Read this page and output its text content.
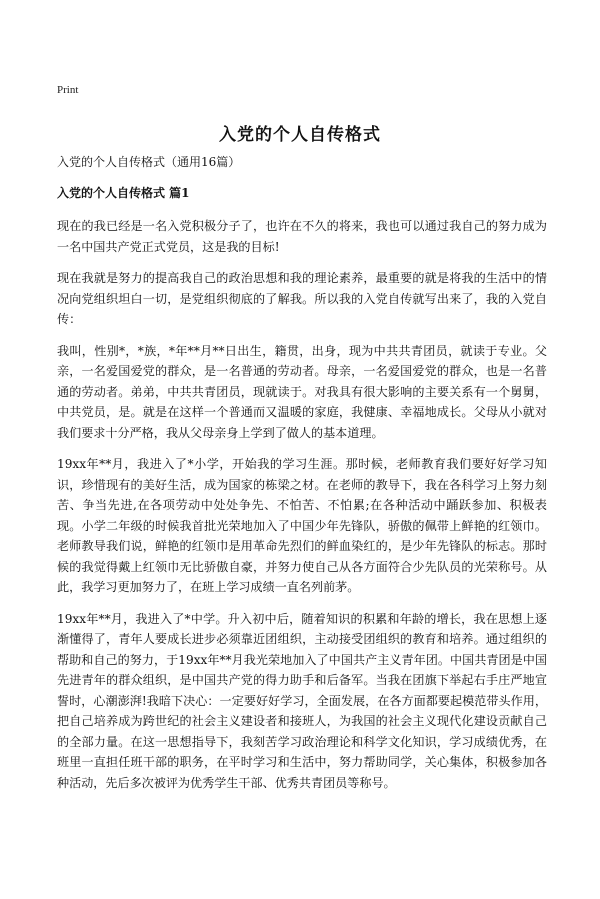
Print
入党的个人自传格式
入党的个人自传格式（通用16篇）
入党的个人自传格式 篇1

现在的我已经是一名入党积极分子了，也许在不久的将来，我也可以通过我自己的努力成为一名中国共产党正式党员，这是我的目标!

现在我就是努力的提高我自己的政治思想和我的理论素养，最重要的就是将我的生活中的情况向党组织坦白一切，是党组织彻底的了解我。所以我的入党自传就写出来了，我的入党自传：

我叫，性别*，*族，*年**月**日出生，籍贯，出身，现为中共共青团员，就读于专业。父亲，一名爱国爱党的群众，是一名普通的劳动者。母亲，一名爱国爱党的群众，也是一名普通的劳动者。弟弟，中共共青团员，现就读于。对我具有很大影响的主要关系有一个舅舅，中共党员，是。就是在这样一个普通而又温暖的家庭，我健康、幸福地成长。父母从小就对我们要求十分严格，我从父母亲身上学到了做人的基本道理。

19xx年**月，我进入了*小学，开始我的学习生涯。那时候，老师教育我们要好好学习知识，珍惜现有的美好生活，成为国家的栋梁之材。在老师的教导下，我在各科学习上努力刻苦、争当先进,在各项劳动中处处争先、不怕苦、不怕累;在各种活动中踊跃参加、积极表现。小学二年级的时候我首批光荣地加入了中国少年先锋队，骄傲的佩带上鲜艳的红领巾。老师教导我们说，鲜艳的红领巾是用革命先烈们的鲜血染红的，是少年先锋队的标志。那时候的我觉得戴上红领巾无比骄傲自豪，并努力使自己从各方面符合少先队员的光荣称号。从此，我学习更加努力了，在班上学习成绩一直名列前茅。

19xx年**月，我进入了*中学。升入初中后，随着知识的积累和年龄的增长，我在思想上逐渐懂得了，青年人要成长进步必须靠近团组织，主动接受团组织的教育和培养。通过组织的帮助和自己的努力，于19xx年**月我光荣地加入了中国共产主义青年团。中国共青团是中国先进青年的群众组织，是中国共产党的得力助手和后备军。当我在团旗下举起右手庄严地宣誓时，心潮澎湃!我暗下决心：一定要好好学习，全面发展，在各方面都要起模范带头作用，把自己培养成为跨世纪的社会主义建设者和接班人，为我国的社会主义现代化建设贡献自己的全部力量。在这一思想指导下，我刻苦学习政治理论和科学文化知识，学习成绩优秀，在班里一直担任班干部的职务，在平时学习和生活中，努力帮助同学，关心集体，积极参加各种活动，先后多次被评为优秀学生干部、优秀共青团员等称号。
